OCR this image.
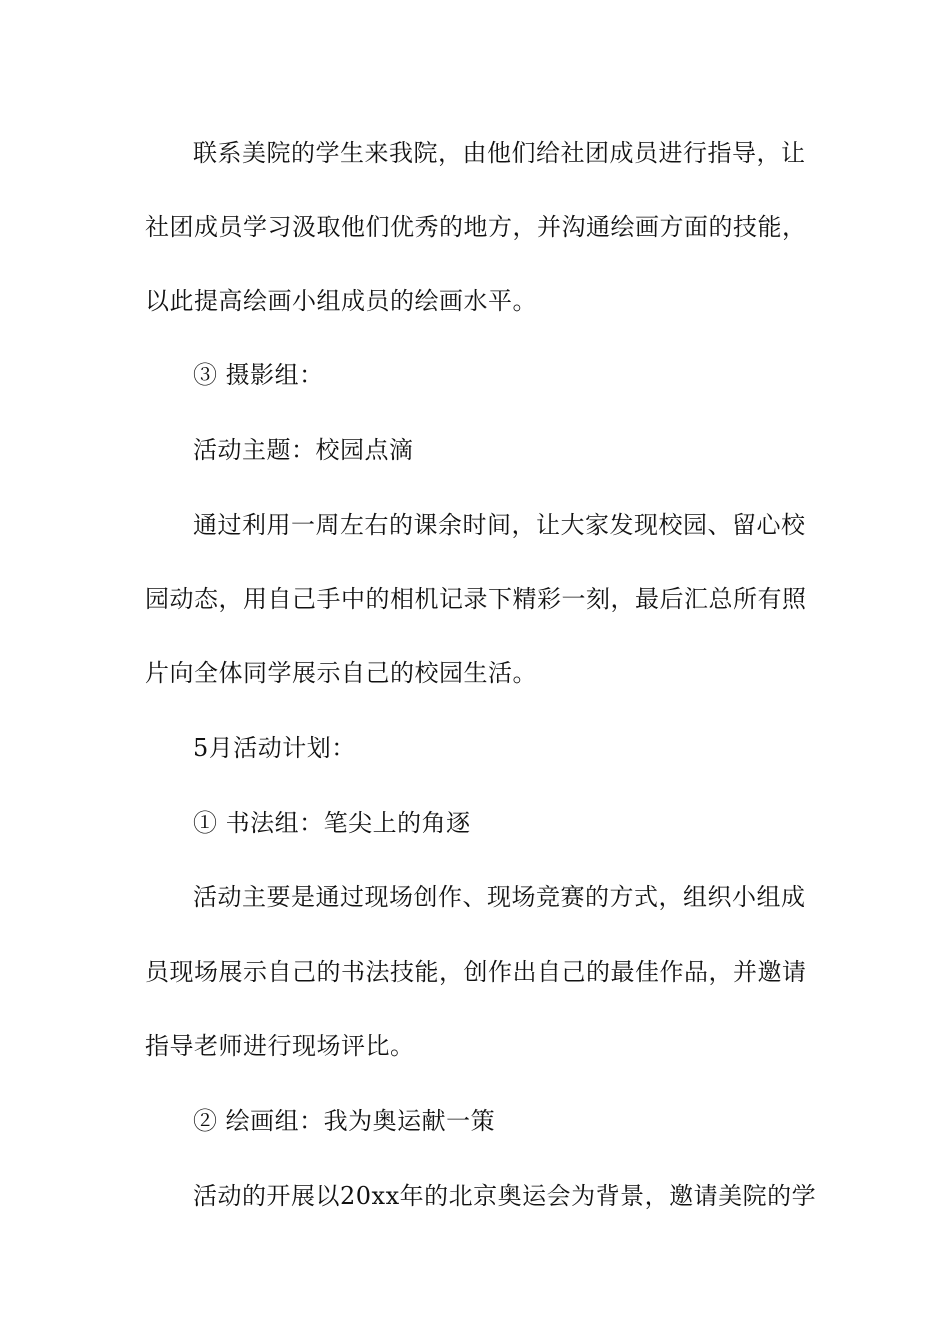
联系美院的学生来我院，由他们给社团成员进行指导，让
社团成员学习汲取他们优秀的地方，并沟通绘画方面的技能，
以此提高绘画小组成员的绘画水平。
③ 摄影组：
活动主题：校园点滴
通过利用一周左右的课余时间，让大家发现校园、留心校
园动态，用自己手中的相机记录下精彩一刻，最后汇总所有照
片向全体同学展示自己的校园生活。
5月活动计划：
① 书法组：笔尖上的角逐
活动主要是通过现场创作、现场竞赛的方式，组织小组成
员现场展示自己的书法技能，创作出自己的最佳作品，并邀请
指导老师进行现场评比。
② 绘画组：我为奥运献一策
活动的开展以20xx年的北京奥运会为背景，邀请美院的学
